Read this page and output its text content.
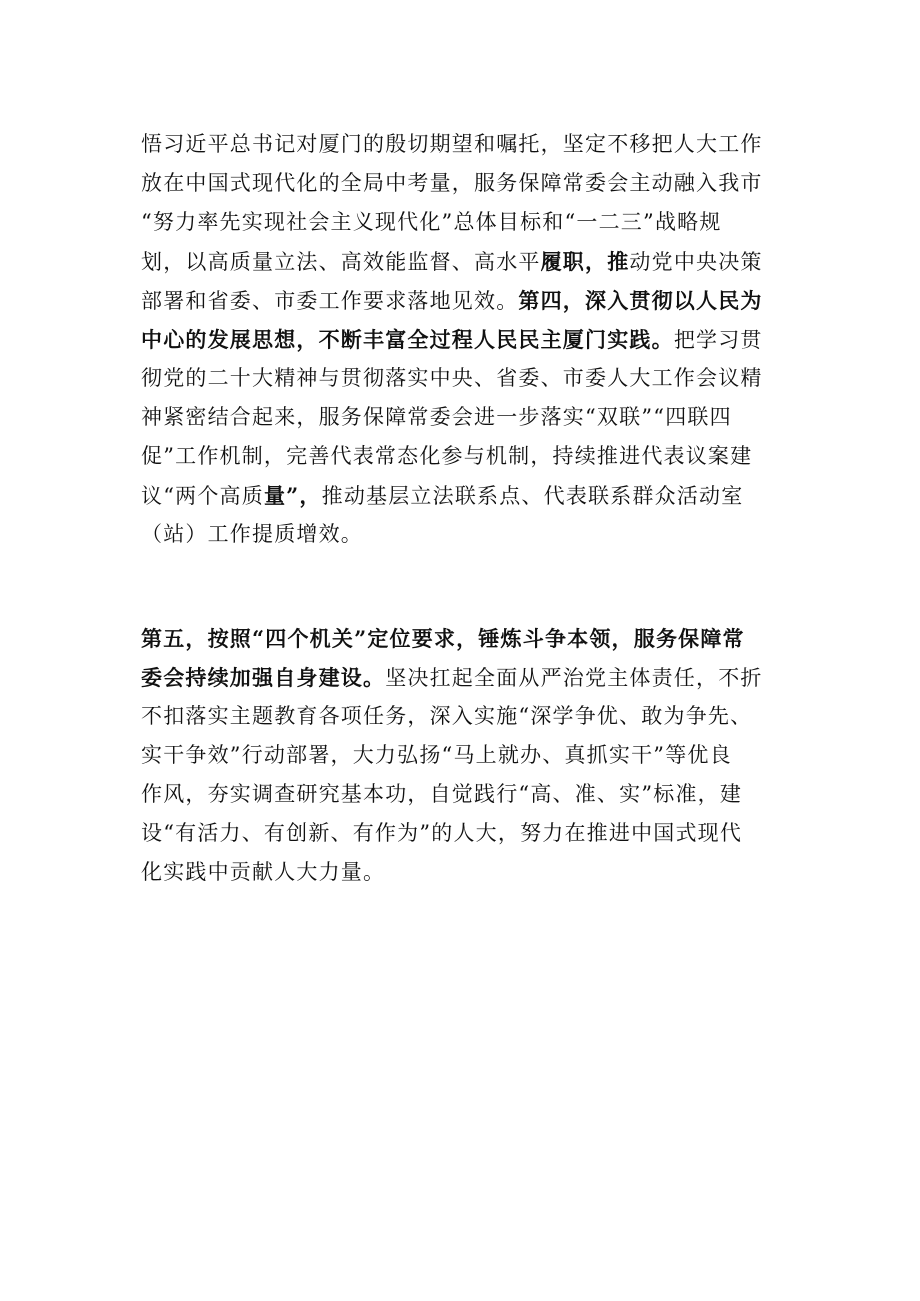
悟习近平总书记对厦门的殷切期望和嘱托，坚定不移把人大工作
放在中国式现代化的全局中考量，服务保障常委会主动融入我市
“努力率先实现社会主义现代化”总体目标和“一二三”战略规
划，以高质量立法、高效能监督、高水平履职，推动党中央决策
部署和省委、市委工作要求落地见效。第四，深入贯彻以人民为
中心的发展思想，不断丰富全过程人民民主厦门实践。把学习贯
彻党的二十大精神与贯彻落实中央、省委、市委人大工作会议精
神紧密结合起来，服务保障常委会进一步落实“双联”“四联四
促”工作机制，完善代表常态化参与机制，持续推进代表议案建
议“两个高质量”，推动基层立法联系点、代表联系群众活动室
（站）工作提质增效。
第五，按照“四个机关”定位要求，锤炼斗争本领，服务保障常
委会持续加强自身建设。坚决扛起全面从严治党主体责任，不折
不扣落实主题教育各项任务，深入实施“深学争优、敢为争先、
实干争效”行动部署，大力弘扬“马上就办、真抓实干”等优良
作风，夯实调查研究基本功，自觉践行“高、准、实”标准，建
设“有活力、有创新、有作为”的人大，努力在推进中国式现代
化实践中贡献人大力量。
